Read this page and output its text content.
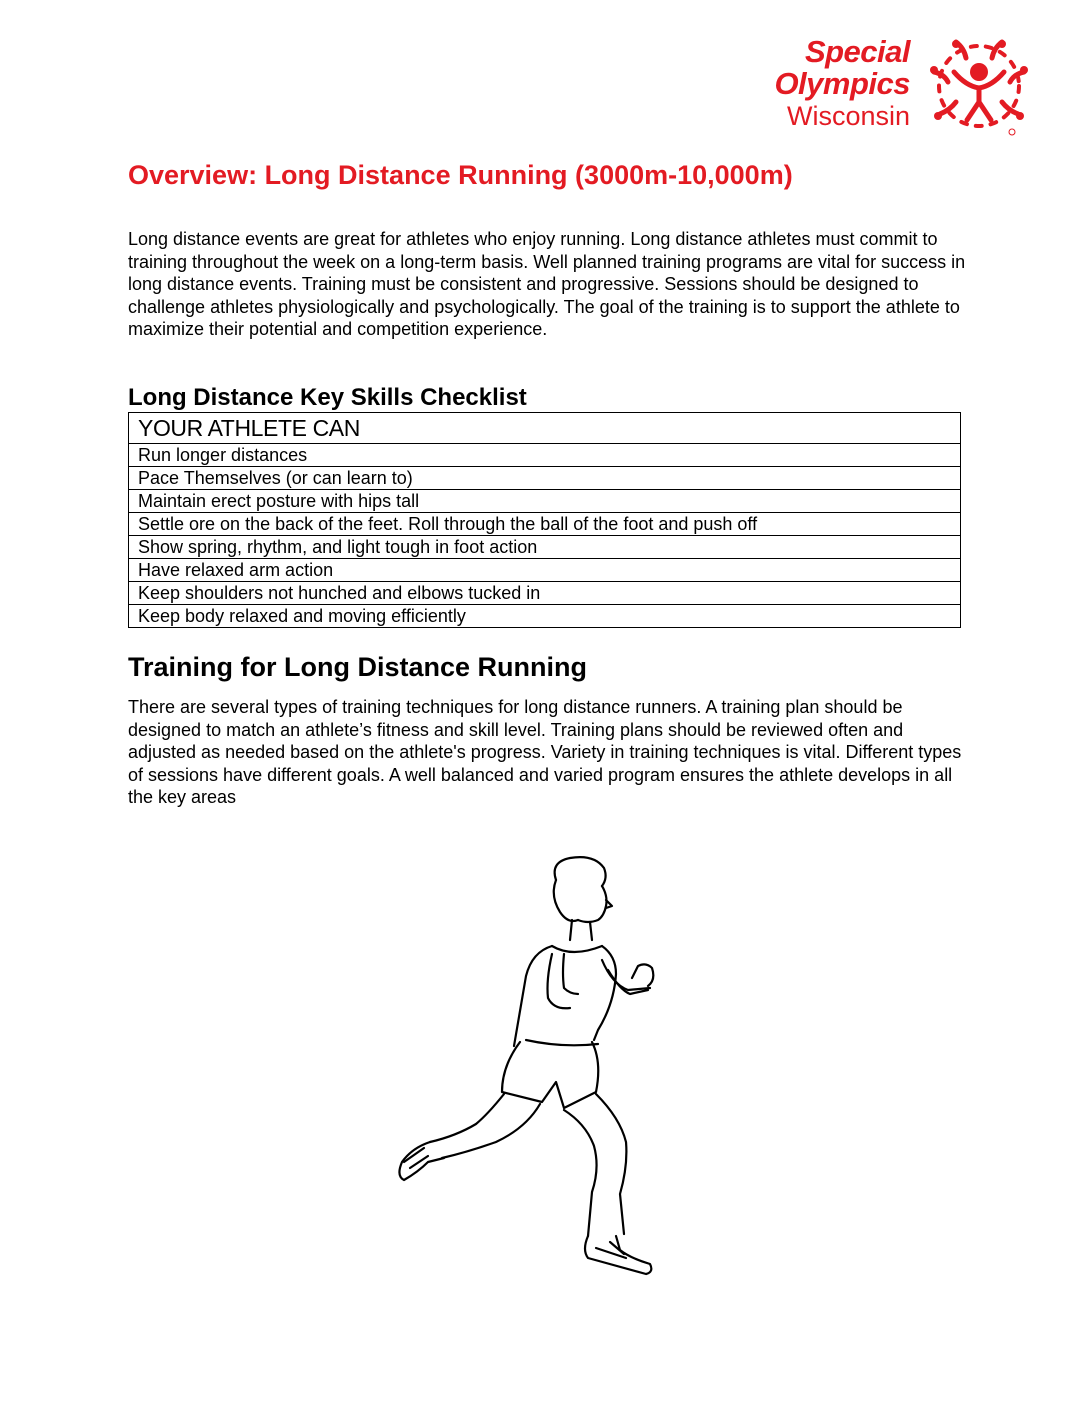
Special
Olympics
Wisconsin
Overview: Long Distance Running (3000m-10,000m)

Long distance events are great for athletes who enjoy running. Long distance athletes must commit to training throughout the week on a long-term basis. Well planned training programs are vital for success in long distance events. Training must be consistent and progressive. Sessions should be designed to challenge athletes physiologically and psychologically. The goal of the training is to support the athlete to maximize their potential and competition experience.

Long Distance Key Skills Checklist
YOUR ATHLETE CAN
Run longer distances
Pace Themselves (or can learn to)
Maintain erect posture with hips tall
Settle ore on the back of the feet. Roll through the ball of the foot and push off
Show spring, rhythm, and light tough in foot action
Have relaxed arm action
Keep shoulders not hunched and elbows tucked in
Keep body relaxed and moving efficiently
Training for Long Distance Running

There are several types of training techniques for long distance runners. A training plan should be designed to match an athlete’s fitness and skill level. Training plans should be reviewed often and adjusted as needed based on the athlete's progress. Variety in training techniques is vital. Different types of sessions have different goals. A well balanced and varied program ensures the athlete develops in all the key areas
